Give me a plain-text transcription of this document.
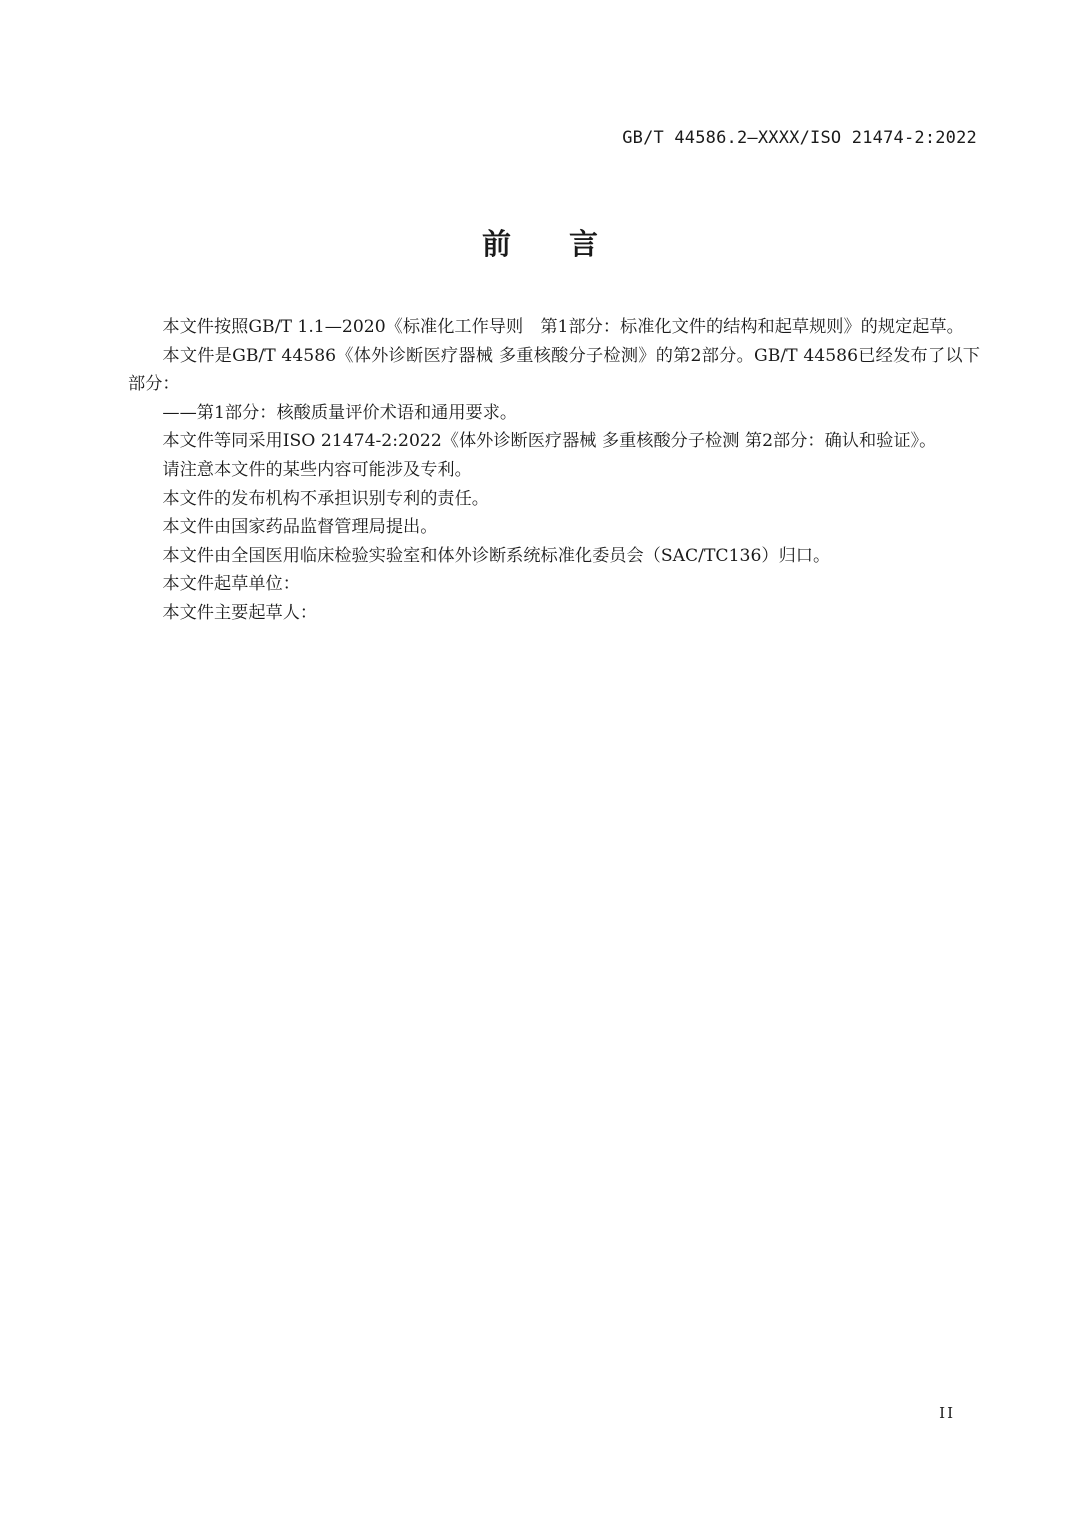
GB/T 44586.2—XXXX/ISO 21474-2:2022
前言

本文件按照GB/T 1.1—2020《标准化工作导则　第1部分：标准化文件的结构和起草规则》的规定起草。

本文件是GB/T 44586《体外诊断医疗器械 多重核酸分子检测》的第2部分。GB/T 44586已经发布了以下部分：

——第1部分：核酸质量评价术语和通用要求。

本文件等同采用ISO 21474-2:2022《体外诊断医疗器械 多重核酸分子检测 第2部分：确认和验证》。

请注意本文件的某些内容可能涉及专利。

本文件的发布机构不承担识别专利的责任。

本文件由国家药品监督管理局提出。

本文件由全国医用临床检验实验室和体外诊断系统标准化委员会（SAC/TC136）归口。

本文件起草单位：

本文件主要起草人：

II
